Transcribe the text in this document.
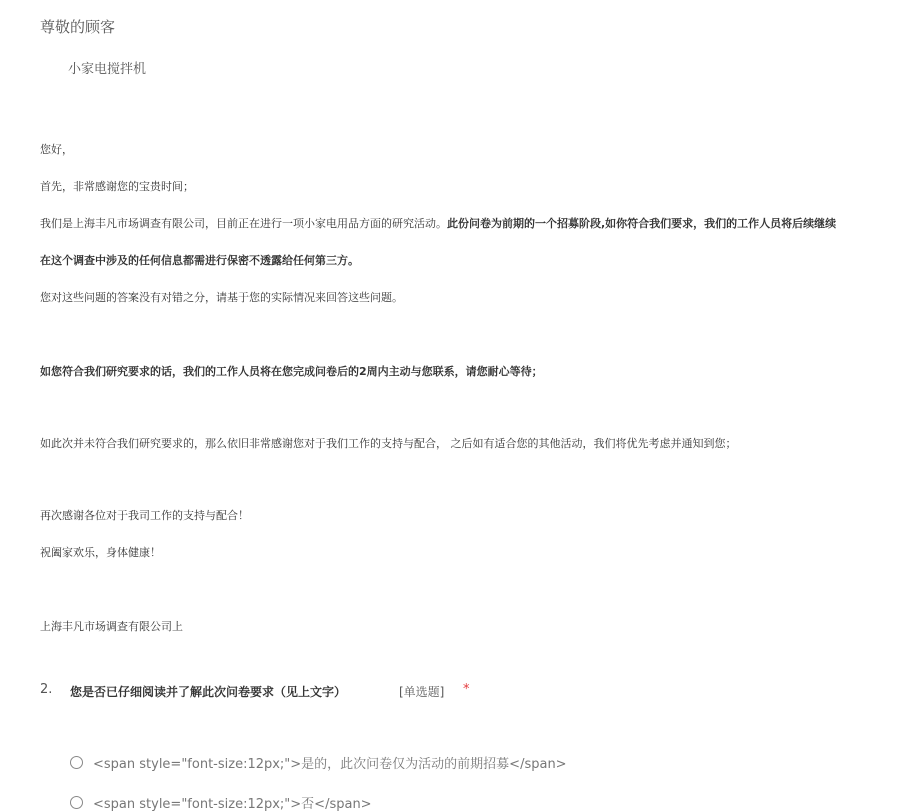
尊敬的顾客
小家电搅拌机
您好，
首先，非常感谢您的宝贵时间；
我们是上海丰凡市场调查有限公司，目前正在进行一项小家电用品方面的研究活动。此份问卷为前期的一个招募阶段,如你符合我们要求，我们的工作人员将后续继续
在这个调查中涉及的任何信息都需进行保密不透露给任何第三方。
您对这些问题的答案没有对错之分，请基于您的实际情况来回答这些问题。
如您符合我们研究要求的话，我们的工作人员将在您完成问卷后的2周内主动与您联系，请您耐心等待；
如此次并未符合我们研究要求的，那么依旧非常感谢您对于我们工作的支持与配合， 之后如有适合您的其他活动，我们将优先考虑并通知到您；
再次感谢各位对于我司工作的支持与配合！
祝阖家欢乐，身体健康！
上海丰凡市场调查有限公司上
2. 您是否已仔细阅读并了解此次问卷要求（见上文字）	[单选题] *
<span style="font-size:12px;">是的，此次问卷仅为活动的前期招募</span>
<span style="font-size:12px;">否</span>
